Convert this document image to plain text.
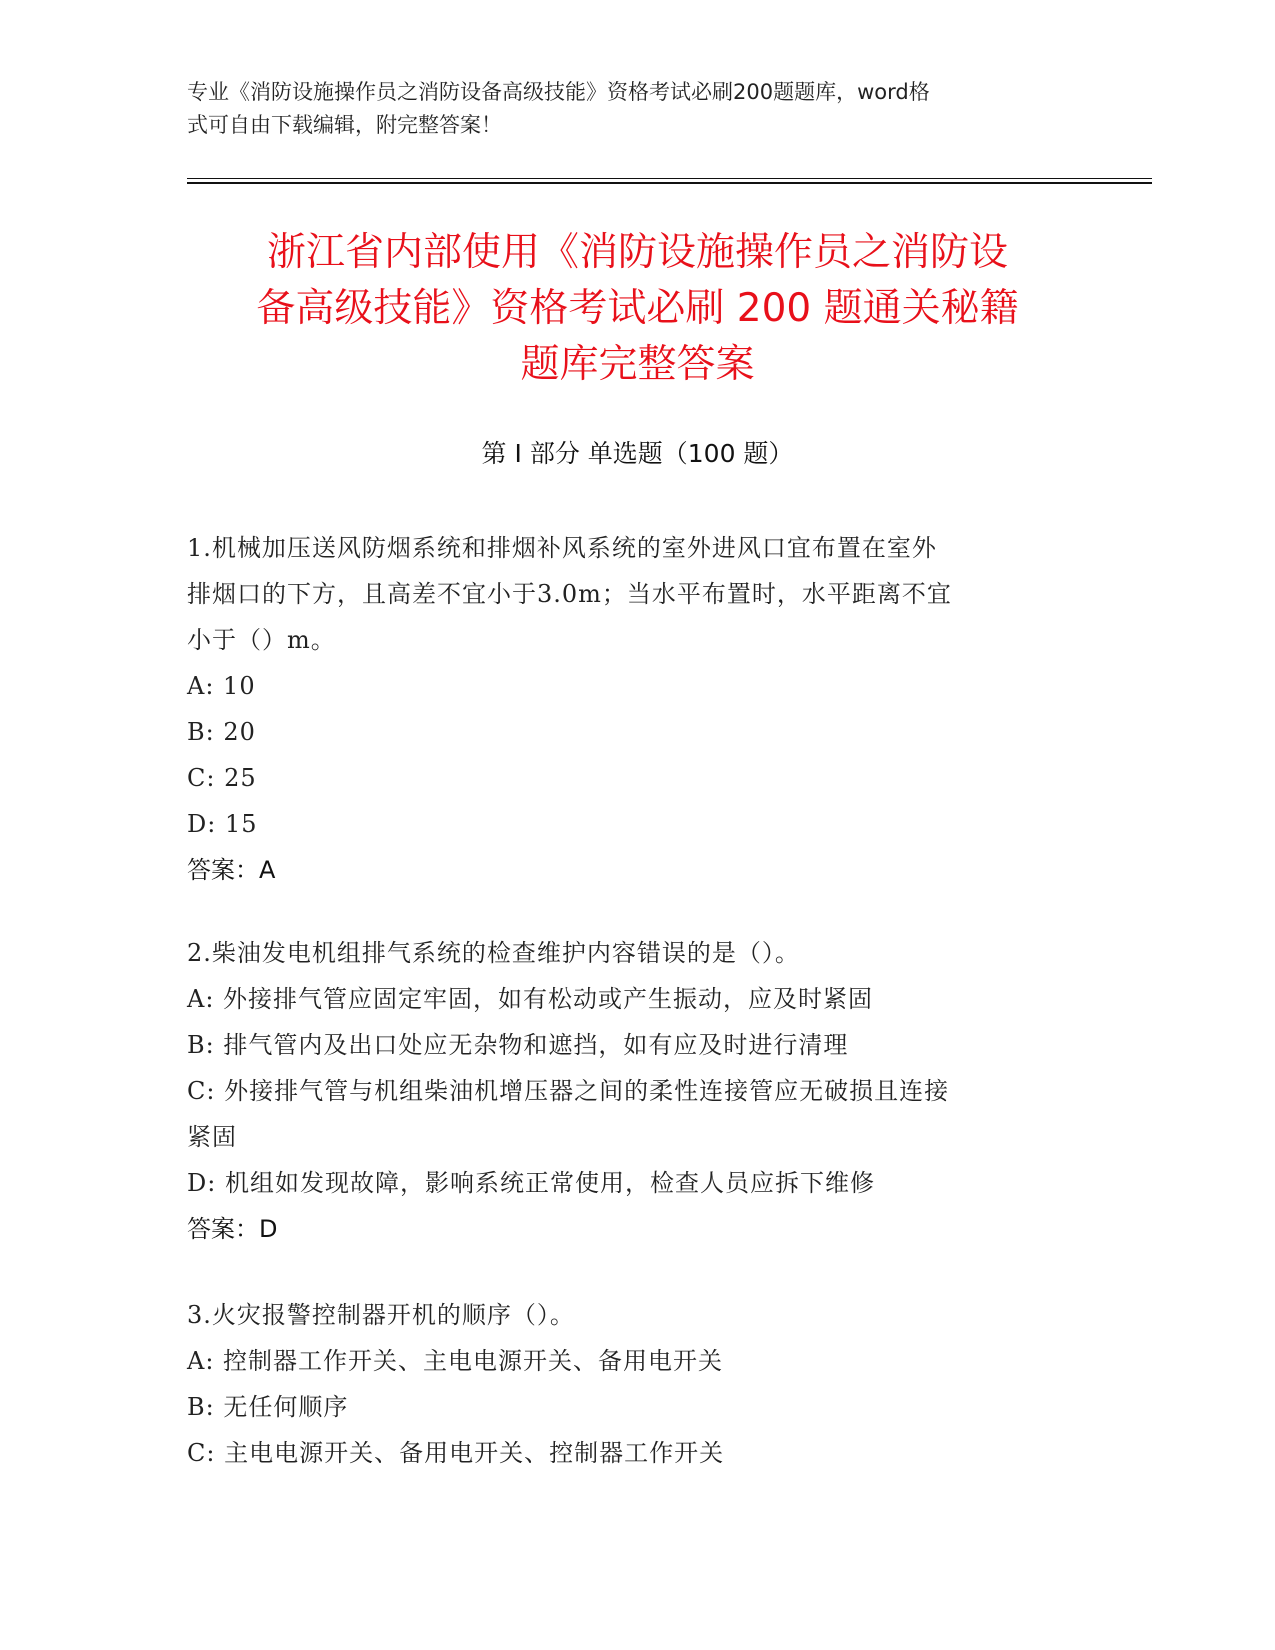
专业《消防设施操作员之消防设备高级技能》资格考试必刷200题题库，word格
式可自由下载编辑，附完整答案！
浙江省内部使用《消防设施操作员之消防设
备高级技能》资格考试必刷 200 题通关秘籍
题库完整答案
第 I 部分 单选题（100 题）
1.机械加压送风防烟系统和排烟补风系统的室外进风口宜布置在室外
排烟口的下方，且高差不宜小于3.0m；当水平布置时，水平距离不宜
小于（）m。
A: 10
B: 20
C: 25
D: 15
答案：A
2.柴油发电机组排气系统的检查维护内容错误的是（）。
A: 外接排气管应固定牢固，如有松动或产生振动，应及时紧固
B: 排气管内及出口处应无杂物和遮挡，如有应及时进行清理
C: 外接排气管与机组柴油机增压器之间的柔性连接管应无破损且连接
紧固
D: 机组如发现故障，影响系统正常使用，检查人员应拆下维修
答案：D
3.火灾报警控制器开机的顺序（）。
A: 控制器工作开关、主电电源开关、备用电开关
B: 无任何顺序
C: 主电电源开关、备用电开关、控制器工作开关
